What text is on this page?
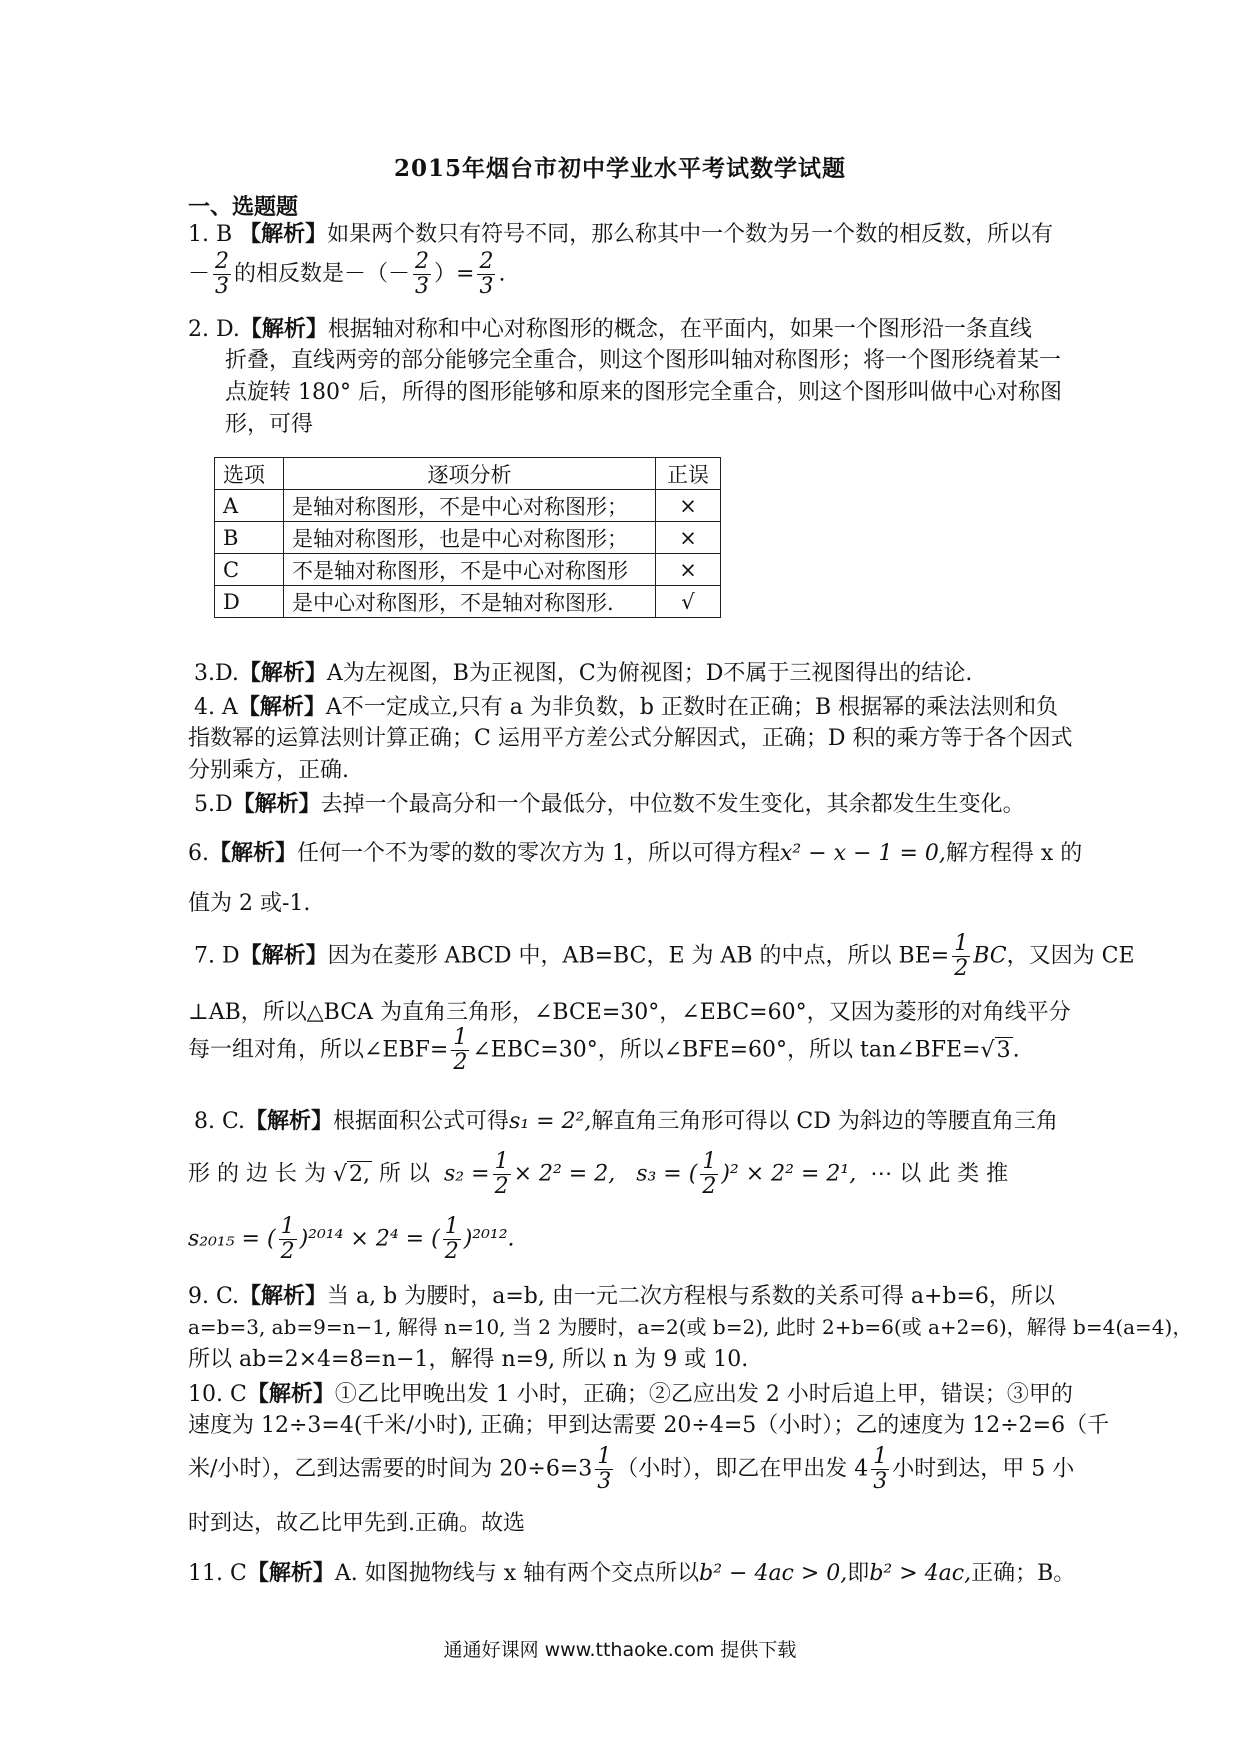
2015年烟台市初中学业水平考试数学试题
一、选题题
1. B 【解析】如果两个数只有符号不同，那么称其中一个数为另一个数的相反数，所以有
－ $\frac{2}{3}$ 的相反数是－（－ $\frac{2}{3}$ ）= $\frac{2}{3}$ .
2. D.【解析】根据轴对称和中心对称图形的概念，在平面内，如果一个图形沿一条直线
折叠，直线两旁的部分能够完全重合，则这个图形叫轴对称图形；将一个图形绕着某一
点旋转 180° 后，所得的图形能够和原来的图形完全重合，则这个图形叫做中心对称图
形，可得
选项	逐项分析	正误
A	是轴对称图形，不是中心对称图形；	×
B	是轴对称图形，也是中心对称图形；	×
C	不是轴对称图形，不是中心对称图形	×
D	是中心对称图形，不是轴对称图形.	√
3.D.【解析】A为左视图，B为正视图，C为俯视图；D不属于三视图得出的结论.
4. A【解析】A不一定成立,只有 a 为非负数，b 正数时在正确；B 根据幂的乘法法则和负
指数幂的运算法则计算正确；C 运用平方差公式分解因式，正确；D 积的乘方等于各个因式
分别乘方，正确.
5.D【解析】去掉一个最高分和一个最低分，中位数不发生变化，其余都发生生变化。
6.【解析】任何一个不为零的数的零次方为 1，所以可得方程x² − x − 1 = 0,解方程得 x 的
值为 2 或-1.
7. D【解析】因为在菱形 ABCD 中，AB=BC，E 为 AB 的中点，所以 $BE= \frac{1}{2}$ BC，又因为 CE
⊥AB，所以△BCA 为直角三角形，∠BCE=30°，∠EBC=60°，又因为菱形的对角线平分
每一组对角，所以∠EBF= $\frac{1}{2}$ ∠EBC=30°，所以∠BFE=60°，所以 tan∠BFE=√3.
8. C.【解析】根据面积公式可得s₁ = 2²,解直角三角形可得以 CD 为斜边的等腰直角三角
形 的 边 长 为 √2, 所 以 $s_2 = \frac{1}{2} \times 2^2 = 2$, s₃ = ( $\frac{1}{2} )^2 \times 2^2 = 2^1$, ⋯ 以 此 类 推
s₂₀₁₅ = ( $\frac{1}{2} )^{2014} \times 2^4$ = ( $\frac{1}{2} )^{2012}$.
9. C.【解析】当 a, b 为腰时，a=b, 由一元二次方程根与系数的关系可得 a+b=6，所以
a=b=3, ab=9=n−1, 解得 n=10, 当 2 为腰时，a=2(或 b=2), 此时 2+b=6(或 a+2=6)，解得 b=4(a=4)，
所以 ab=2×4=8=n−1，解得 n=9, 所以 n 为 9 或 10.
10. C【解析】①乙比甲晚出发 1 小时，正确；②乙应出发 2 小时后追上甲，错误；③甲的
速度为 12÷3=4(千米/小时), 正确；甲到达需要 20÷4=5（小时）；乙的速度为 12÷2=6（千
米/小时），乙到达需要的时间为 $20\div 6=3 \frac{1}{3}$ （小时），即乙在甲出发 $4 \frac{1}{3}$ 小时到达，甲 5 小
时到达，故乙比甲先到.正确。故选
11. C【解析】A. 如图抛物线与 x 轴有两个交点所以b² − 4ac > 0,即b² > 4ac,正确；B。
通通好课网 www.tthaoke.com 提供下载
